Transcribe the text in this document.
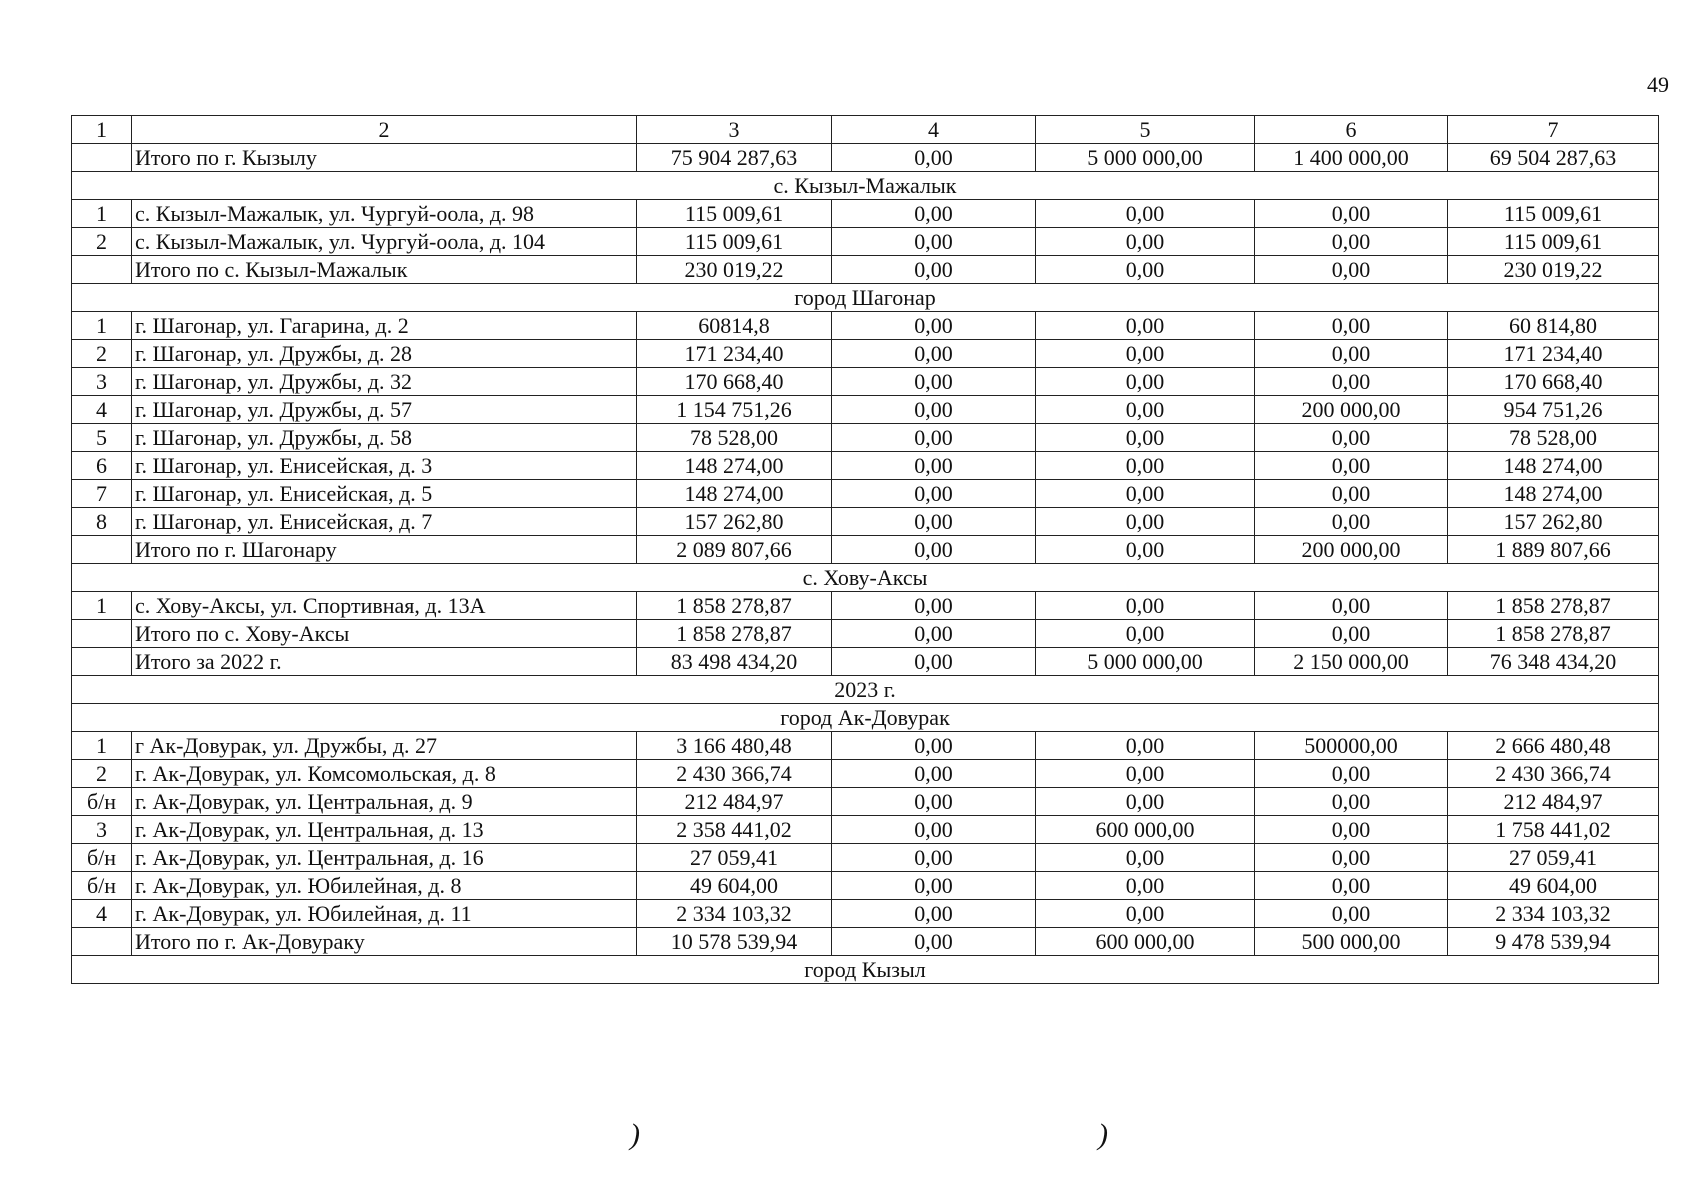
49
1	2	3	4	5	6	7
	Итого по г. Кызылу	75 904 287,63	0,00	5 000 000,00	1 400 000,00	69 504 287,63
с. Кызыл-Мажалык						
1	с. Кызыл-Мажалык, ул. Чургуй-оола, д. 98	115 009,61	0,00	0,00	0,00	115 009,61
2	с. Кызыл-Мажалык, ул. Чургуй-оола, д. 104	115 009,61	0,00	0,00	0,00	115 009,61
	Итого по с. Кызыл-Мажалык	230 019,22	0,00	0,00	0,00	230 019,22
город Шагонар						
1	г. Шагонар, ул. Гагарина, д. 2	60814,8	0,00	0,00	0,00	60 814,80
2	г. Шагонар, ул. Дружбы, д. 28	171 234,40	0,00	0,00	0,00	171 234,40
3	г. Шагонар, ул. Дружбы, д. 32	170 668,40	0,00	0,00	0,00	170 668,40
4	г. Шагонар, ул. Дружбы, д. 57	1 154 751,26	0,00	0,00	200 000,00	954 751,26
5	г. Шагонар, ул. Дружбы, д. 58	78 528,00	0,00	0,00	0,00	78 528,00
6	г. Шагонар, ул. Енисейская, д. 3	148 274,00	0,00	0,00	0,00	148 274,00
7	г. Шагонар, ул. Енисейская, д. 5	148 274,00	0,00	0,00	0,00	148 274,00
8	г. Шагонар, ул. Енисейская, д. 7	157 262,80	0,00	0,00	0,00	157 262,80
	Итого по г. Шагонару	2 089 807,66	0,00	0,00	200 000,00	1 889 807,66
с. Хову-Аксы						
1	с. Хову-Аксы, ул. Спортивная, д. 13А	1 858 278,87	0,00	0,00	0,00	1 858 278,87
	Итого по с. Хову-Аксы	1 858 278,87	0,00	0,00	0,00	1 858 278,87
	Итого за 2022 г.	83 498 434,20	0,00	5 000 000,00	2 150 000,00	76 348 434,20
2023 г.						
город Ак-Довурак						
1	г Ак-Довурак, ул. Дружбы, д. 27	3 166 480,48	0,00	0,00	500000,00	2 666 480,48
2	г. Ак-Довурак, ул. Комсомольская, д. 8	2 430 366,74	0,00	0,00	0,00	2 430 366,74
б/н	г. Ак-Довурак, ул. Центральная, д. 9	212 484,97	0,00	0,00	0,00	212 484,97
3	г. Ак-Довурак, ул. Центральная, д. 13	2 358 441,02	0,00	600 000,00	0,00	1 758 441,02
б/н	г. Ак-Довурак, ул. Центральная, д. 16	27 059,41	0,00	0,00	0,00	27 059,41
б/н	г. Ак-Довурак, ул. Юбилейная, д. 8	49 604,00	0,00	0,00	0,00	49 604,00
4	г. Ак-Довурак, ул. Юбилейная, д. 11	2 334 103,32	0,00	0,00	0,00	2 334 103,32
	Итого по г. Ак-Довураку	10 578 539,94	0,00	600 000,00	500 000,00	9 478 539,94
город Кызыл						
)	)
